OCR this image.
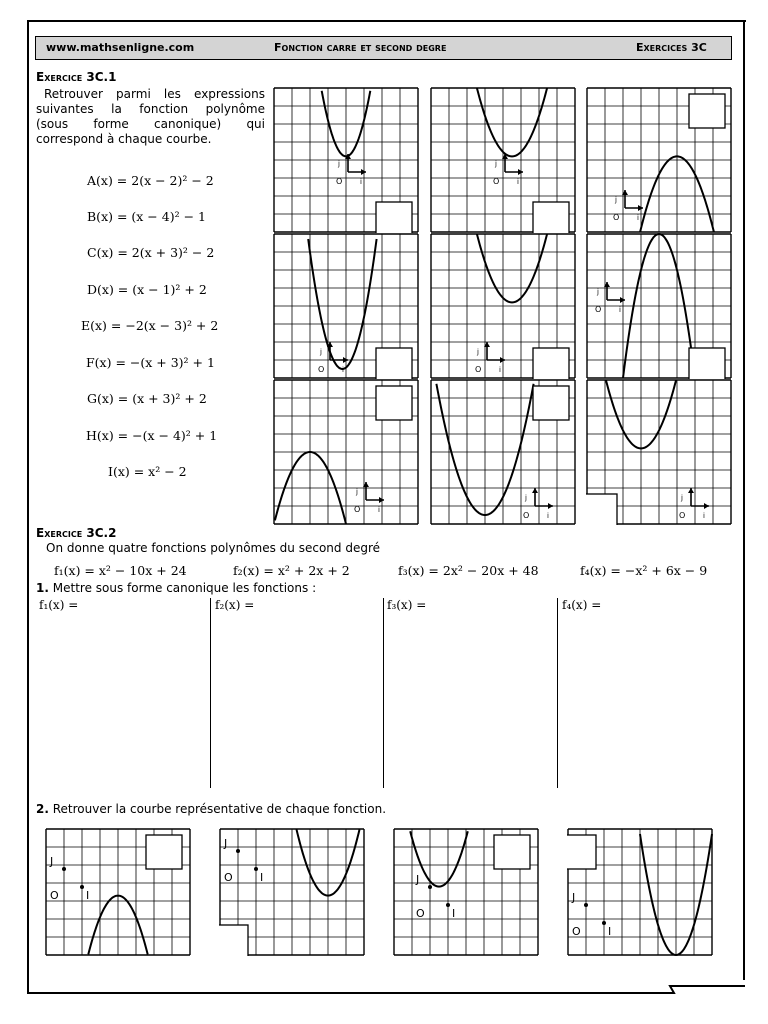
www.mathsenligne.com	Fonction carre et second degre	Exercices 3C
Exercice 3C.1
Retrouver parmi les expressions
suivantes la fonction polynôme
(sous forme canonique) qui
correspond à chaque courbe.
A(x) = 2(x − 2)² − 2
B(x) = (x − 4)² − 1
C(x) = 2(x + 3)² − 2
D(x) = (x − 1)² + 2
E(x) = −2(x − 3)² + 2
F(x) = −(x + 3)² + 1
G(x) = (x + 3)² + 2
H(x) = −(x − 4)² + 1
I(x) = x² − 2
O	i
j
O	i
j
O	i
j
O	i
j
O	i
j
O	i
j
O	i
j
O	i
j
O	i
j
Exercice 3C.2
On donne quatre fonctions polynômes du second degré
f₁(x) = x² − 10x + 24	f₂(x) = x² + 2x + 2	f₃(x) = 2x² − 20x + 48	f₄(x) = −x² + 6x − 9
1. Mettre sous forme canonique les fonctions :
f₁(x) =	f₂(x) =	f₃(x) =	f₄(x) =
2. Retrouver la courbe représentative de chaque fonction.
O I
J
O I
J
O I
J
O I
J
